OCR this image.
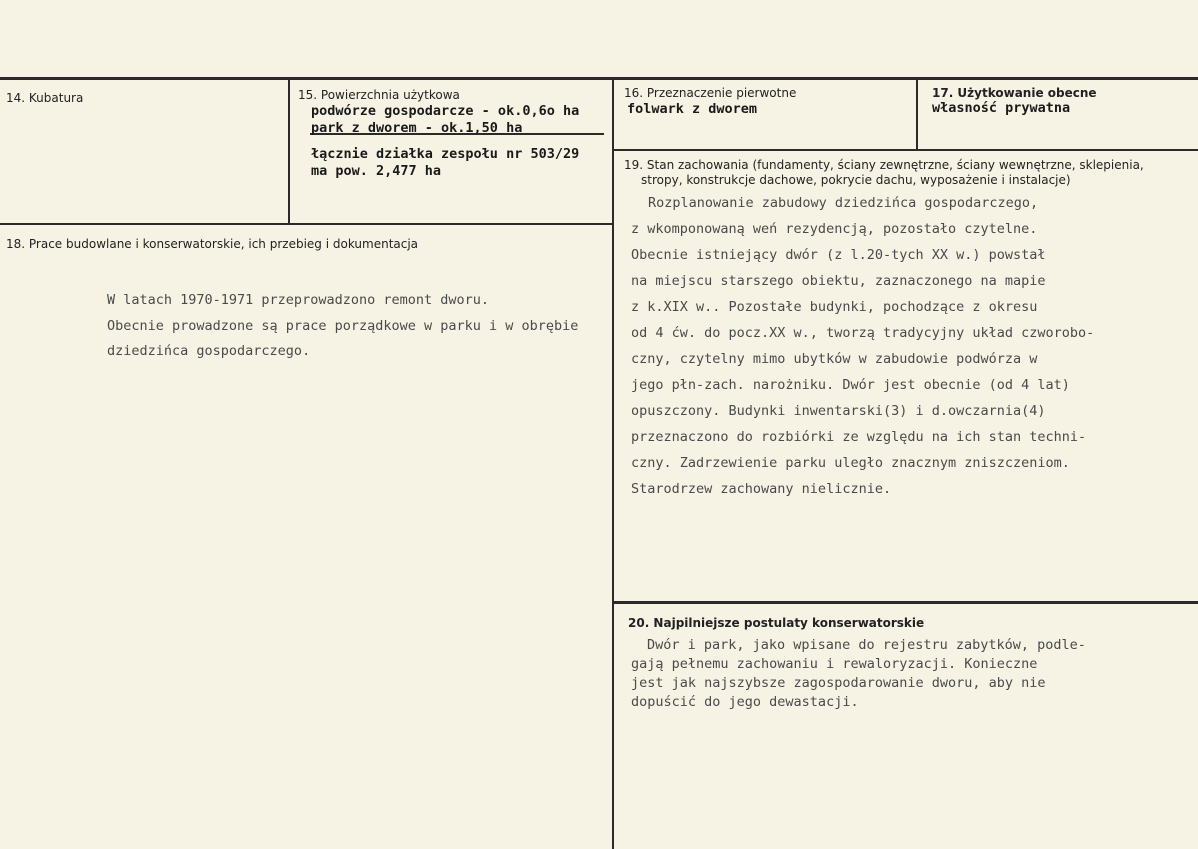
14. Kubatura	15. Powierzchnia użytkowa
podwórze gospodarcze - ok.0,6o ha
park z dworem - ok.1,50 ha
łącznie działka zespołu nr 503/29
ma pow. 2,477 ha
16. Przeznaczenie pierwotne
folwark z dworem
17. Użytkowanie obecne
własność prywatna
18. Prace budowlane i konserwatorskie, ich przebieg i dokumentacja
W latach 1970-1971 przeprowadzono remont dworu.
Obecnie prowadzone są prace porządkowe w parku i w obrębie
dziedzińca gospodarczego.
19. Stan zachowania (fundamenty, ściany zewnętrzne, ściany wewnętrzne, sklepienia,
stropy, konstrukcje dachowe, pokrycie dachu, wyposażenie i instalacje)
Rozplanowanie zabudowy dziedzińca gospodarczego,
z wkomponowaną weń rezydencją, pozostało czytelne.
Obecnie istniejący dwór (z l.20-tych XX w.) powstał
na miejscu starszego obiektu, zaznaczonego na mapie
z k.XIX w.. Pozostałe budynki, pochodzące z okresu
od 4 ćw. do pocz.XX w., tworzą tradycyjny układ czworobo-
czny, czytelny mimo ubytków w zabudowie podwórza w
jego płn-zach. narożniku. Dwór jest obecnie (od 4 lat)
opuszczony. Budynki inwentarski(3) i d.owczarnia(4)
przeznaczono do rozbiórki ze względu na ich stan techni-
czny. Zadrzewienie parku uległo znacznym zniszczeniom.
Starodrzew zachowany nielicznie.
20. Najpilniejsze postulaty konserwatorskie
Dwór i park, jako wpisane do rejestru zabytków, podle-
gają pełnemu zachowaniu i rewaloryzacji. Konieczne
jest jak najszybsze zagospodarowanie dworu, aby nie
dopuścić do jego dewastacji.
